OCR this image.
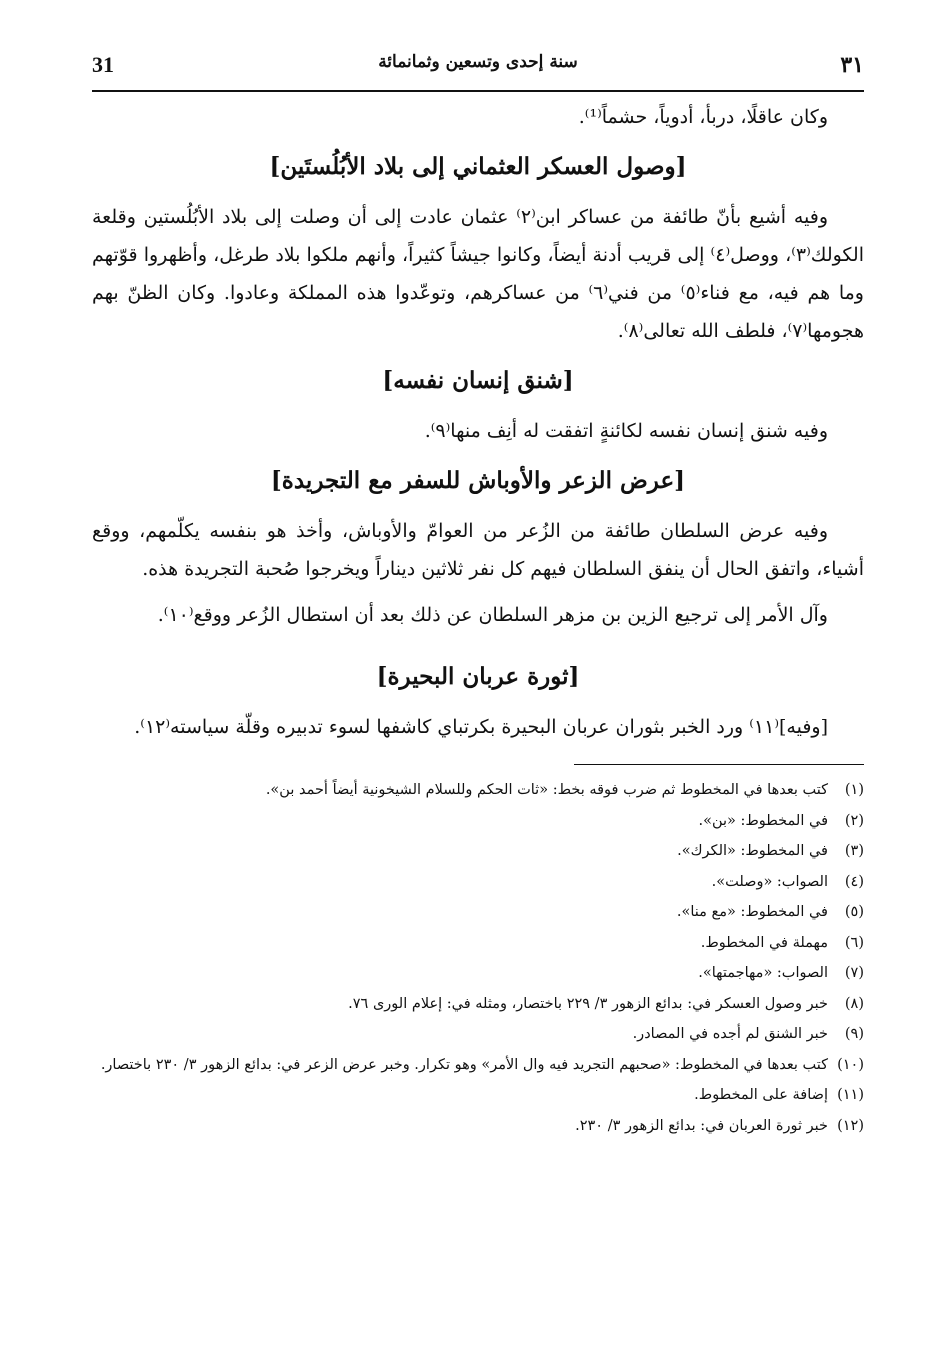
٣١
سنة إحدى وتسعين وثمانمائة
31

وكان عاقلًا، دربأ، أدوياً، حشماً⁽¹⁾.

[وصول العسكر العثماني إلى بلاد الأبُلُستَين]

وفيه أشيع بأنّ طائفة من عساكر ابن⁽٢⁾ عثمان عادت إلى أن وصلت إلى بلاد الأبُلُستين وقلعة الكولك⁽٣⁾، ووصل⁽٤⁾ إلى قريب أدنة أيضاً، وكانوا جيشاً كثيراً، وأنهم ملكوا بلاد طرغل، وأظهروا قوّتهم وما هم فيه، مع فناء⁽٥⁾ من فني⁽٦⁾ من عساكرهم، وتوعّدوا هذه المملكة وعادوا. وكان الظنّ بهم هجومها⁽٧⁾، فلطف الله تعالى⁽٨⁾.

[شنق إنسان نفسه]

وفيه شنق إنسان نفسه لكائنةٍ اتفقت له أنِف منها⁽٩⁾.

[عرض الزعر والأوباش للسفر مع التجريدة]

وفيه عرض السلطان طائفة من الزُعر من العوامّ والأوباش، وأخذ هو بنفسه يكلّمهم، ووقع أشياء، واتفق الحال أن ينفق السلطان فيهم كل نفر ثلاثين ديناراً ويخرجوا صُحبة التجريدة هذه.

وآل الأمر إلى ترجيع الزين بن مزهر السلطان عن ذلك بعد أن استطال الزُعر ووقع⁽١٠⁾.

[ثورة عربان البحيرة]

[وفيه]⁽١١⁾ ورد الخبر بثوران عربان البحيرة بكرتباي كاشفها لسوء تدبيره وقلّة سياسته⁽١٢⁾.

(١)
كتب بعدها في المخطوط ثم ضرب فوقه بخط: «ثات الحكم وللسلام الشيخونية أيضاً أحمد بن».
(٢)
في المخطوط: «بن».
(٣)
في المخطوط: «الكرك».
(٤)
الصواب: «وصلت».
(٥)
في المخطوط: «مع منا».
(٦)
مهملة في المخطوط.
(٧)
الصواب: «مهاجمتها».
(٨)
خبر وصول العسكر في: بدائع الزهور ٣/ ٢٢٩ باختصار، ومثله في: إعلام الورى ٧٦.
(٩)
خبر الشنق لم أجده في المصادر.
(١٠)
كتب بعدها في المخطوط: «صحبهم التجريد فيه وال الأمر» وهو تكرار. وخبر عرض الزعر في: بدائع الزهور ٣/ ٢٣٠ باختصار.
(١١)
إضافة على المخطوط.
(١٢)
خبر ثورة العربان في: بدائع الزهور ٣/ ٢٣٠.
